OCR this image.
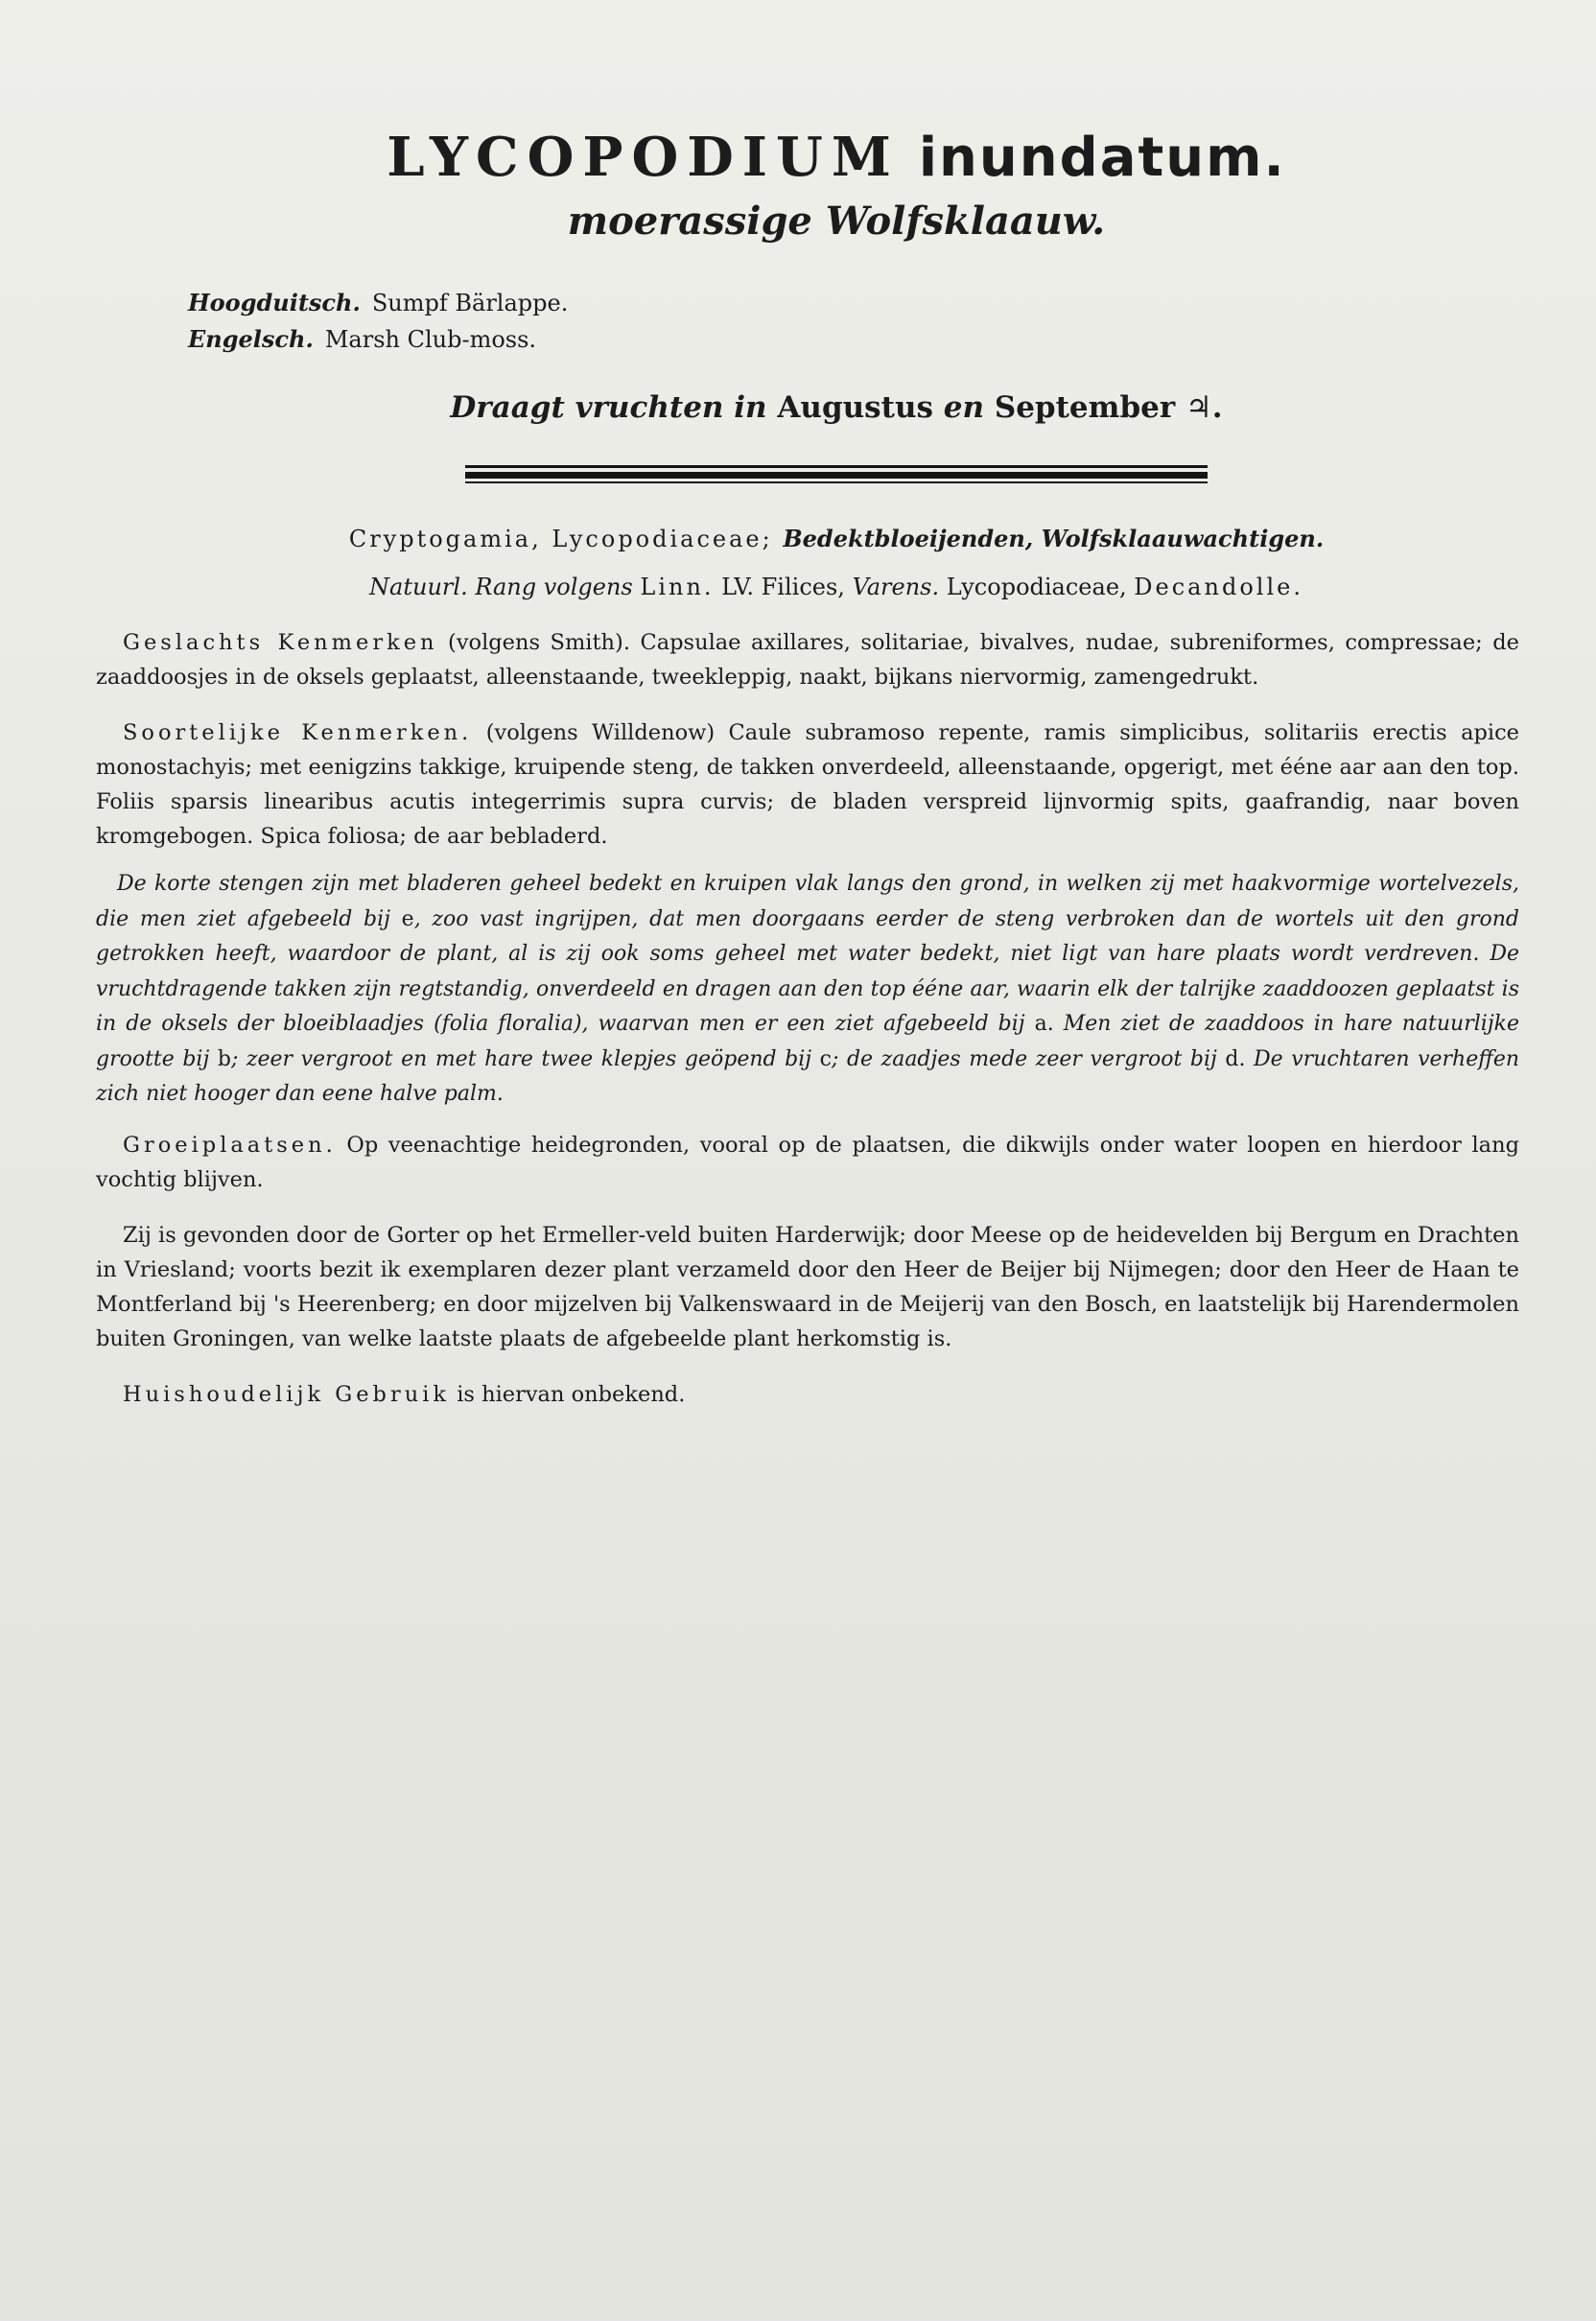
LYCOPODIUM inundatum.
moerassige Wolfsklaauw.
Hoogduitsch. Sumpf Bärlappe.
Engelsch. Marsh Club-moss.
Draagt vruchten in Augustus en September ♃.
Cryptogamia, Lycopodiaceae; Bedektbloeijenden, Wolfsklaauwachtigen.
Natuurl. Rang volgens Linn. LV. Filices, Varens. Lycopodiaceae, Decandolle.

Geslachts Kenmerken (volgens Smith). Capsulae axillares, solitariae, bivalves, nudae, subreniformes, compressae; de zaaddoosjes in de oksels geplaatst, alleenstaande, tweekleppig, naakt, bijkans niervormig, zamengedrukt.

Soortelijke Kenmerken. (volgens Willdenow) Caule subramoso repente, ramis simplicibus, solitariis erectis apice monostachyis; met eenigzins takkige, kruipende steng, de takken onverdeeld, alleenstaande, opgerigt, met ééne aar aan den top. Foliis sparsis linearibus acutis integerrimis supra curvis; de bladen verspreid lijnvormig spits, gaafrandig, naar boven kromgebogen. Spica foliosa; de aar bebladerd.

De korte stengen zijn met bladeren geheel bedekt en kruipen vlak langs den grond, in welken zij met haakvormige wortelvezels, die men ziet afgebeeld bij e, zoo vast ingrijpen, dat men doorgaans eerder de steng verbroken dan de wortels uit den grond getrokken heeft, waardoor de plant, al is zij ook soms geheel met water bedekt, niet ligt van hare plaats wordt verdreven. De vruchtdragende takken zijn regtstandig, onverdeeld en dragen aan den top ééne aar, waarin elk der talrijke zaaddoozen geplaatst is in de oksels der bloeiblaadjes (folia floralia), waarvan men er een ziet afgebeeld bij a. Men ziet de zaaddoos in hare natuurlijke grootte bij b; zeer vergroot en met hare twee klepjes geöpend bij c; de zaadjes mede zeer vergroot bij d. De vruchtaren verheffen zich niet hooger dan eene halve palm.

Groeiplaatsen. Op veenachtige heidegronden, vooral op de plaatsen, die dikwijls onder water loopen en hierdoor lang vochtig blijven.

Zij is gevonden door de Gorter op het Ermeller-veld buiten Harderwijk; door Meese op de heidevelden bij Bergum en Drachten in Vriesland; voorts bezit ik exemplaren dezer plant verzameld door den Heer de Beijer bij Nijmegen; door den Heer de Haan te Montferland bij 's Heerenberg; en door mijzelven bij Valkenswaard in de Meijerij van den Bosch, en laatstelijk bij Harendermolen buiten Groningen, van welke laatste plaats de afgebeelde plant herkomstig is.

Huishoudelijk Gebruik is hiervan onbekend.
